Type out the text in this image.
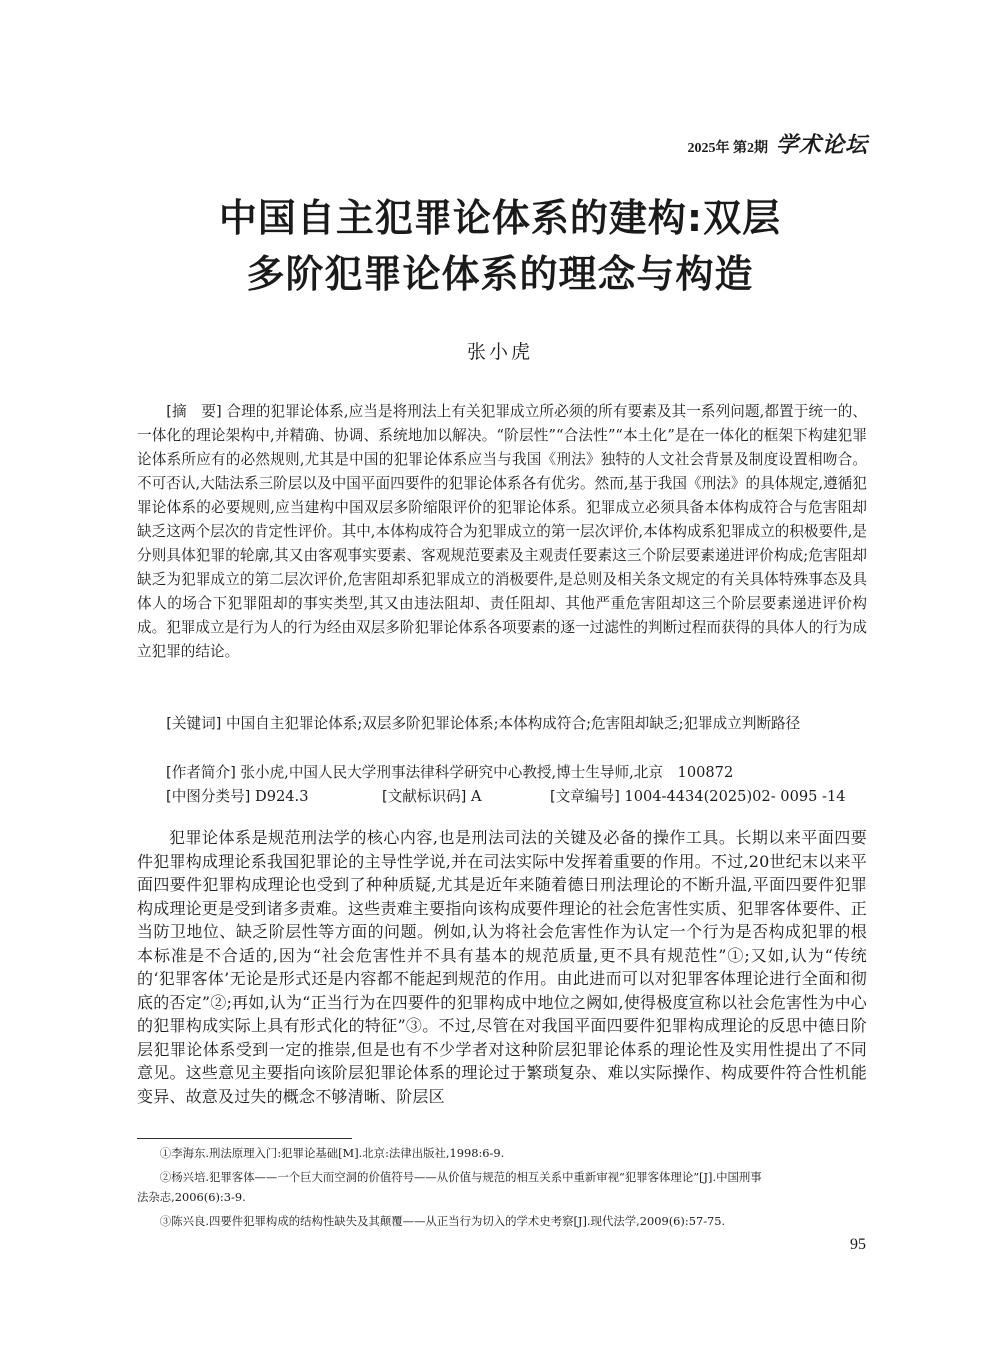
2025年 第2期 学术论坛
中国自主犯罪论体系的建构:双层
多阶犯罪论体系的理念与构造
张小虎
[摘　要] 合理的犯罪论体系,应当是将刑法上有关犯罪成立所必须的所有要素及其一系列问题,都置于统一的、一体化的理论架构中,并精确、协调、系统地加以解决。“阶层性”“合法性”“本土化”是在一体化的框架下构建犯罪论体系所应有的必然规则,尤其是中国的犯罪论体系应当与我国《刑法》独特的人文社会背景及制度设置相吻合。不可否认,大陆法系三阶层以及中国平面四要件的犯罪论体系各有优劣。然而,基于我国《刑法》的具体规定,遵循犯罪论体系的必要规则,应当建构中国双层多阶缩限评价的犯罪论体系。犯罪成立必须具备本体构成符合与危害阻却缺乏这两个层次的肯定性评价。其中,本体构成符合为犯罪成立的第一层次评价,本体构成系犯罪成立的积极要件,是分则具体犯罪的轮廓,其又由客观事实要素、客观规范要素及主观责任要素这三个阶层要素递进评价构成;危害阻却缺乏为犯罪成立的第二层次评价,危害阻却系犯罪成立的消极要件,是总则及相关条文规定的有关具体特殊事态及具体人的场合下犯罪阻却的事实类型,其又由违法阻却、责任阻却、其他严重危害阻却这三个阶层要素递进评价构成。犯罪成立是行为人的行为经由双层多阶犯罪论体系各项要素的逐一过滤性的判断过程而获得的具体人的行为成立犯罪的结论。
[关键词] 中国自主犯罪论体系;双层多阶犯罪论体系;本体构成符合;危害阻却缺乏;犯罪成立判断路径
[作者简介] 张小虎,中国人民大学刑事法律科学研究中心教授,博士生导师,北京　100872
[中图分类号] D924.3	[文献标识码] A	[文章编号] 1004-4434(2025)02- 0095 -14
犯罪论体系是规范刑法学的核心内容,也是刑法司法的关键及必备的操作工具。长期以来平面四要件犯罪构成理论系我国犯罪论的主导性学说,并在司法实际中发挥着重要的作用。不过,20世纪末以来平面四要件犯罪构成理论也受到了种种质疑,尤其是近年来随着德日刑法理论的不断升温,平面四要件犯罪构成理论更是受到诸多责难。这些责难主要指向该构成要件理论的社会危害性实质、犯罪客体要件、正当防卫地位、缺乏阶层性等方面的问题。例如,认为将社会危害性作为认定一个行为是否构成犯罪的根本标准是不合适的,因为“社会危害性并不具有基本的规范质量,更不具有规范性”①;又如,认为“传统的‘犯罪客体’无论是形式还是内容都不能起到规范的作用。由此进而可以对犯罪客体理论进行全面和彻底的否定”②;再如,认为“正当行为在四要件的犯罪构成中地位之阙如,使得极度宣称以社会危害性为中心的犯罪构成实际上具有形式化的特征”③。不过,尽管在对我国平面四要件犯罪构成理论的反思中德日阶层犯罪论体系受到一定的推崇,但是也有不少学者对这种阶层犯罪论体系的理论性及实用性提出了不同意见。这些意见主要指向该阶层犯罪论体系的理论过于繁琐复杂、难以实际操作、构成要件符合性机能变异、故意及过失的概念不够清晰、阶层区

①李海东.刑法原理入门:犯罪论基础[M].北京:法律出版社,1998:6-9.

②杨兴培.犯罪客体——一个巨大而空洞的价值符号——从价值与规范的相互关系中重新审视“犯罪客体理论”[J].中国刑事

法杂志,2006(6):3-9.

③陈兴良.四要件犯罪构成的结构性缺失及其颠覆——从正当行为切入的学术史考察[J].现代法学,2009(6):57-75.

95
